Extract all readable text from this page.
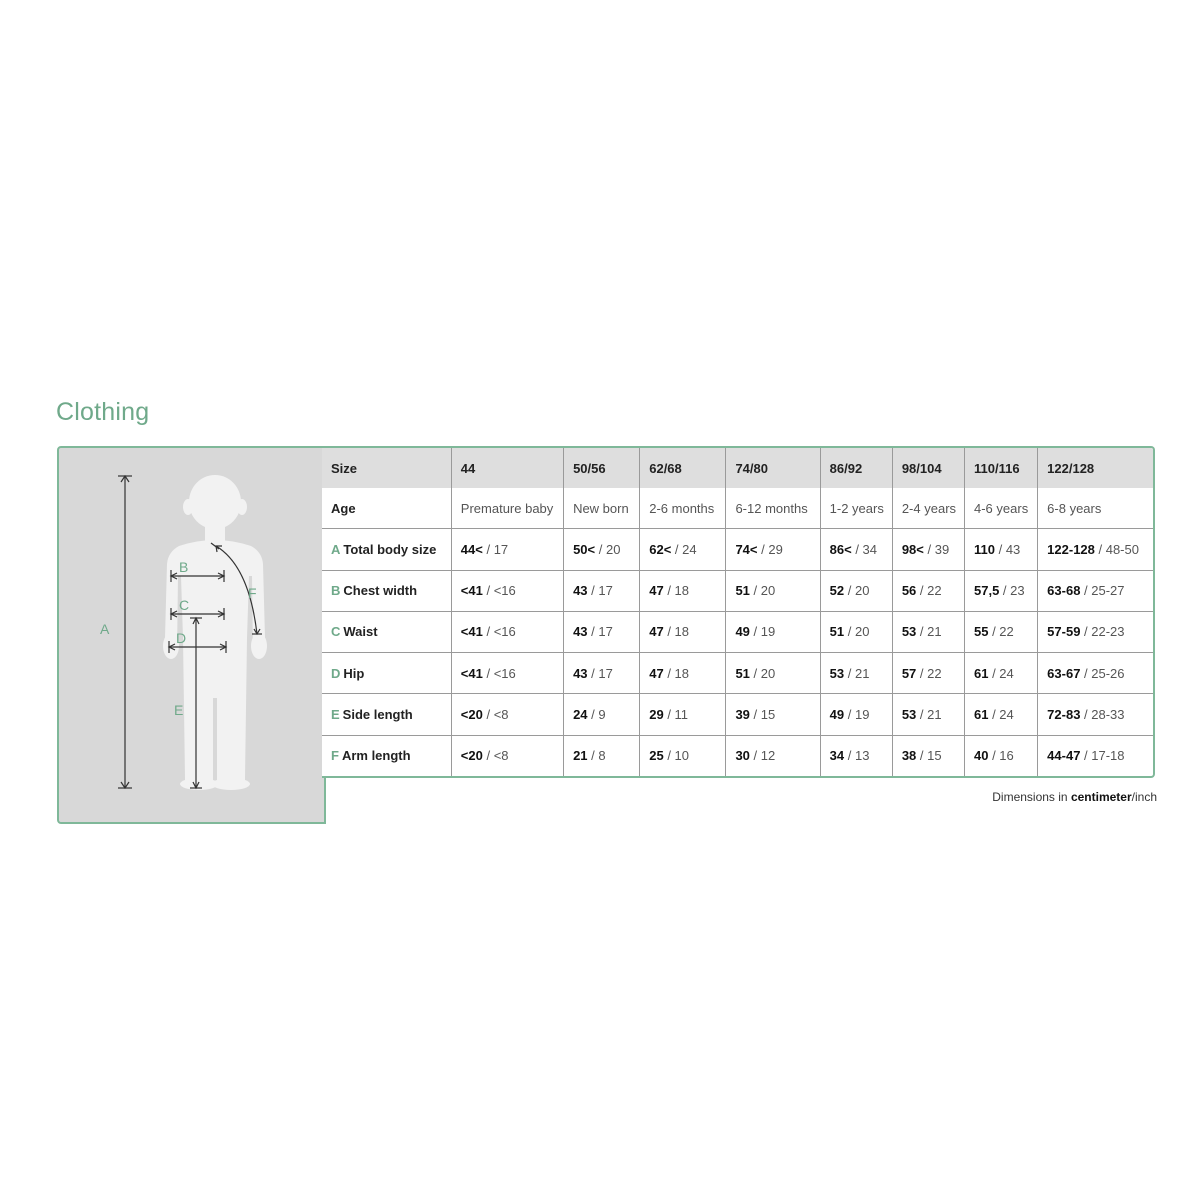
Clothing
A
B
C
D
E
F
Size	44	50/56	62/68	74/80	86/92	98/104	110/116	122/128
Age	Premature baby	New born	2-6 months	6-12 months	1-2 years	2-4 years	4-6 years	6-8 years
A Total body size	44< / 17	50< / 20	62< / 24	74< / 29	86< / 34	98< / 39	110 / 43	122-128 / 48-50
B Chest width	<41 / <16	43 / 17	47 / 18	51 / 20	52 / 20	56 / 22	57,5 / 23	63-68 / 25-27
C Waist	<41 / <16	43 / 17	47 / 18	49 / 19	51 / 20	53 / 21	55 / 22	57-59 / 22-23
D Hip	<41 / <16	43 / 17	47 / 18	51 / 20	53 / 21	57 / 22	61 / 24	63-67 / 25-26
E Side length	<20 / <8	24 / 9	29 / 11	39 / 15	49 / 19	53 / 21	61 / 24	72-83 / 28-33
F Arm length	<20 / <8	21 / 8	25 / 10	30 / 12	34 / 13	38 / 15	40 / 16	44-47 / 17-18
Dimensions in centimeter/inch
